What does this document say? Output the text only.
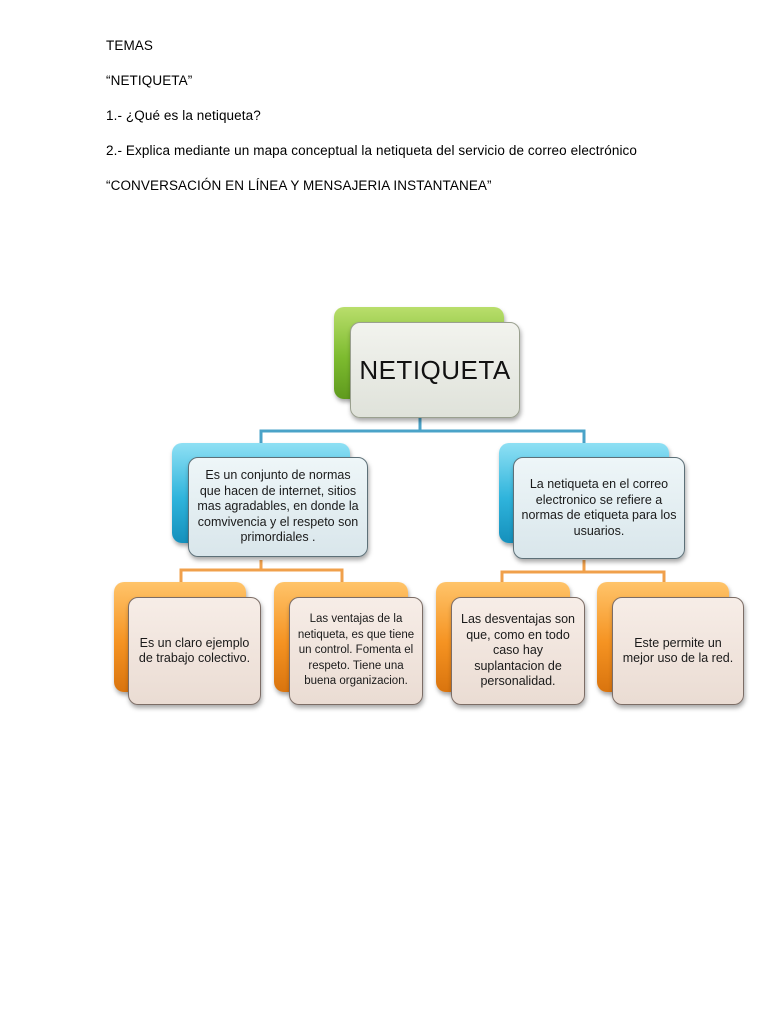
TEMAS
“NETIQUETA”
1.- ¿Qué es la netiqueta?
2.- Explica mediante un mapa conceptual la netiqueta del servicio de correo electrónico
“CONVERSACIÓN EN LÍNEA Y MENSAJERIA INSTANTANEA”
NETIQUETA
Es un conjunto de normas que hacen de internet, sitios mas agradables, en donde la comvivencia y el respeto son primordiales .
La netiqueta en el correo electronico se refiere a normas de etiqueta para los usuarios.
Es un claro ejemplo de trabajo colectivo.
Las ventajas de la netiqueta, es que tiene un control. Fomenta el respeto. Tiene una buena organizacion.
Las desventajas son que, como en todo caso hay suplantacion de personalidad.
Este permite un mejor uso de la red.
